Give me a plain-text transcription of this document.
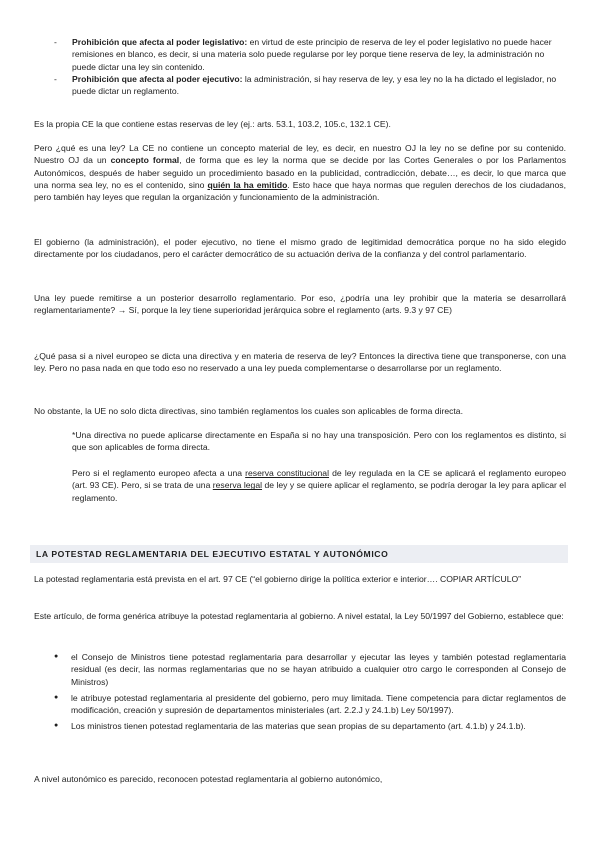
- Prohibición que afecta al poder legislativo: en virtud de este principio de reserva de ley el poder legislativo no puede hacer remisiones en blanco, es decir, si una materia solo puede regularse por ley porque tiene reserva de ley, la administración no puede dictar una ley sin contenido.
- Prohibición que afecta al poder ejecutivo: la administración, si hay reserva de ley, y esa ley no la ha dictado el legislador, no puede dictar un reglamento.

Es la propia CE la que contiene estas reservas de ley (ej.: arts. 53.1, 103.2, 105.c, 132.1 CE).

Pero ¿qué es una ley? La CE no contiene un concepto material de ley, es decir, en nuestro OJ la ley no se define por su contenido. Nuestro OJ da un concepto formal, de forma que es ley la norma que se decide por las Cortes Generales o por los Parlamentos Autonómicos, después de haber seguido un procedimiento basado en la publicidad, contradicción, debate…, es decir, lo que marca que una norma sea ley, no es el contenido, sino quién la ha emitido. Esto hace que haya normas que regulen derechos de los ciudadanos, pero también hay leyes que regulan la organización y funcionamiento de la administración.

El gobierno (la administración), el poder ejecutivo, no tiene el mismo grado de legitimidad democrática porque no ha sido elegido directamente por los ciudadanos, pero el carácter democrático de su actuación deriva de la confianza y del control parlamentario.

Una ley puede remitirse a un posterior desarrollo reglamentario. Por eso, ¿podría una ley prohibir que la materia se desarrollará reglamentariamente? → Sí, porque la ley tiene superioridad jerárquica sobre el reglamento (arts. 9.3 y 97 CE)

¿Qué pasa si a nivel europeo se dicta una directiva y en materia de reserva de ley? Entonces la directiva tiene que transponerse, con una ley. Pero no pasa nada en que todo eso no reservado a una ley pueda complementarse o desarrollarse por un reglamento.

No obstante, la UE no solo dicta directivas, sino también reglamentos los cuales son aplicables de forma directa.

*Una directiva no puede aplicarse directamente en España si no hay una transposición. Pero con los reglamentos es distinto, si que son aplicables de forma directa.

Pero si el reglamento europeo afecta a una reserva constitucional de ley regulada en la CE se aplicará el reglamento europeo (art. 93 CE). Pero, si se trata de una reserva legal de ley y se quiere aplicar el reglamento, se podría derogar la ley para aplicar el reglamento.

LA POTESTAD REGLAMENTARIA DEL EJECUTIVO ESTATAL Y AUTONÓMICO

La potestad reglamentaria está prevista en el art. 97 CE (“el gobierno dirige la política exterior e interior…. COPIAR ARTÍCULO”

Este artículo, de forma genérica atribuye la potestad reglamentaria al gobierno. A nivel estatal, la Ley 50/1997 del Gobierno, establece que:

● el Consejo de Ministros tiene potestad reglamentaria para desarrollar y ejecutar las leyes y también potestad reglamentaria residual (es decir, las normas reglamentarias que no se hayan atribuido a cualquier otro cargo le corresponden al Consejo de Ministros)
● le atribuye potestad reglamentaria al presidente del gobierno, pero muy limitada. Tiene competencia para dictar reglamentos de modificación, creación y supresión de departamentos ministeriales (art. 2.2.J y 24.1.b) Ley 50/1997).
● Los ministros tienen potestad reglamentaria de las materias que sean propias de su departamento (art. 4.1.b) y 24.1.b).

A nivel autonómico es parecido, reconocen potestad reglamentaria al gobierno autonómico,
